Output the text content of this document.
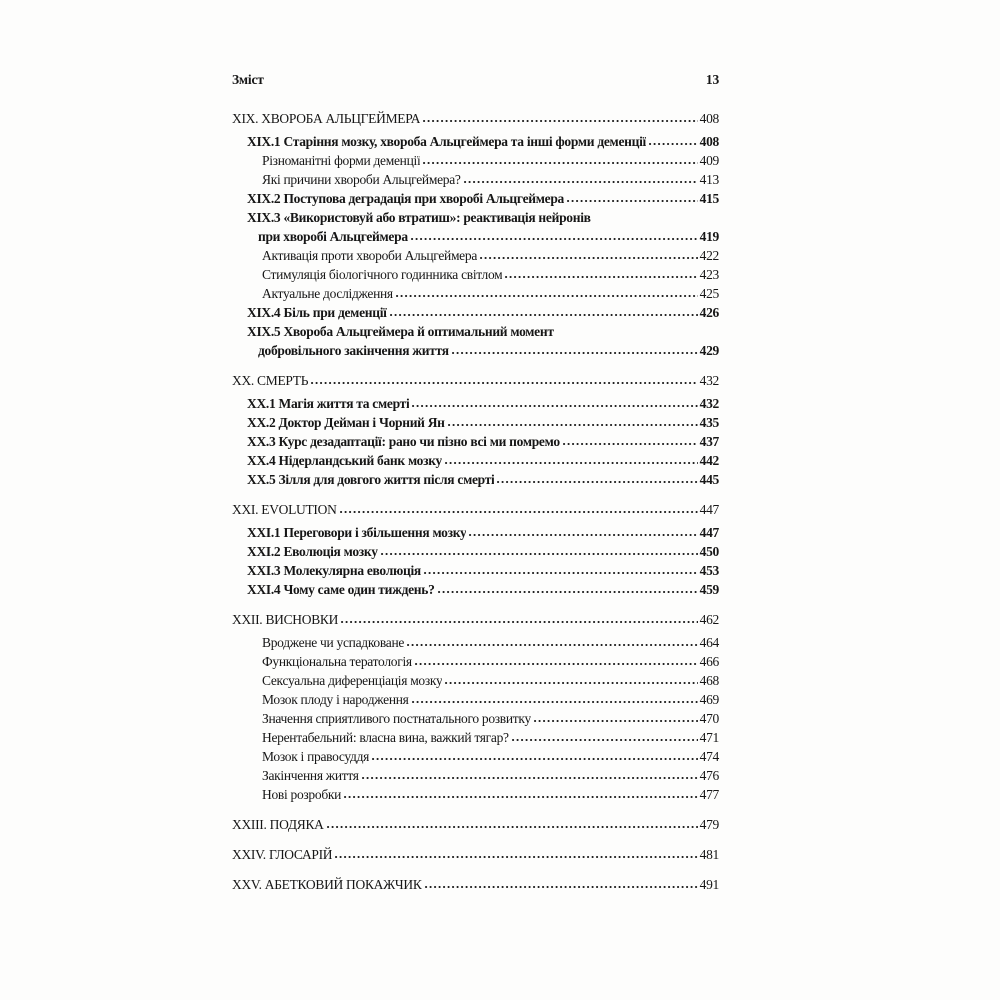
Зміст	13
XIX. ХВОРОБА АЛЬЦГЕЙМЕРА	408
XIX.1 Старіння мозку, хвороба Альцгеймера та інші форми деменції	408
Різноманітні форми деменції	409
Які причини хвороби Альцгеймера?	413
XIX.2 Поступова деградація при хворобі Альцгеймера	415
XIX.3 «Використовуй або втратиш»: реактивація нейронів
при хворобі Альцгеймера	419
Активація проти хвороби Альцгеймера	422
Стимуляція біологічного годинника світлом	423
Актуальне дослідження	425
XIX.4 Біль при деменції	426
XIX.5 Хвороба Альцгеймера й оптимальний момент
добровільного закінчення життя	429
XX. СМЕРТЬ	432
XX.1 Магія життя та смерті	432
XX.2 Доктор Дейман і Чорний Ян	435
XX.3 Курс дезадаптації: рано чи пізно всі ми помремо	437
XX.4 Нідерландський банк мозку	442
XX.5 Зілля для довгого життя після смерті	445
XXI. EVOLUTION	447
XXI.1 Переговори і збільшення мозку	447
XXI.2 Еволюція мозку	450
XXI.3 Молекулярна еволюція	453
XXI.4 Чому саме один тиждень?	459
XXII. ВИСНОВКИ	462
Вроджене чи успадковане	464
Функціональна тератологія	466
Сексуальна диференціація мозку	468
Мозок плоду і народження	469
Значення сприятливого постнатального розвитку	470
Нерентабельний: власна вина, важкий тягар?	471
Мозок і правосуддя	474
Закінчення життя	476
Нові розробки	477
XXIII. ПОДЯКА	479
XXIV. ГЛОСАРІЙ	481
XXV. АБЕТКОВИЙ ПОКАЖЧИК	491
